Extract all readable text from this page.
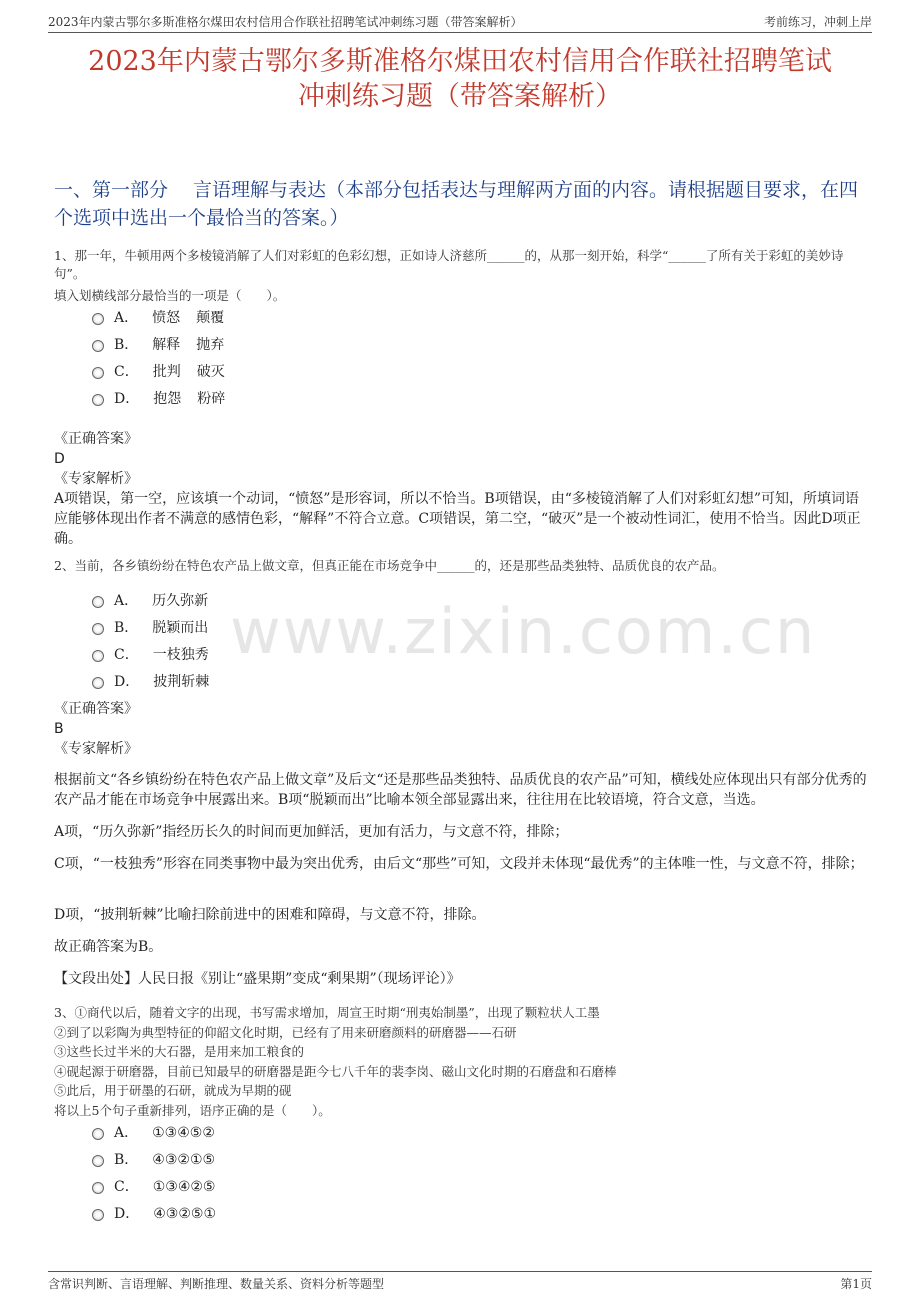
2023年内蒙古鄂尔多斯准格尔煤田农村信用合作联社招聘笔试冲刺练习题（带答案解析）	考前练习，冲刺上岸
2023年内蒙古鄂尔多斯准格尔煤田农村信用合作联社招聘笔试
冲刺练习题（带答案解析）
一、第一部分　 言语理解与表达（本部分包括表达与理解两方面的内容。请根据题目要求，在四个选项中选出一个最恰当的答案。）
www.zixin.com.cn
1、那一年，牛顿用两个多棱镜消解了人们对彩虹的色彩幻想，正如诗人济慈所______的，从那一刻开始，科学“______了所有关于彩虹的美妙诗句”。
填入划横线部分最恰当的一项是（　　）。
A． 愤怒 颠覆
B． 解释 抛弃
C． 批判 破灭
D． 抱怨 粉碎

《正确答案》

D

《专家解析》

A项错误，第一空，应该填一个动词，“愤怒”是形容词，所以不恰当。B项错误，由“多棱镜消解了人们对彩虹幻想”可知，所填词语应能够体现出作者不满意的感情色彩，“解释”不符合立意。C项错误，第二空，“破灭”是一个被动性词汇，使用不恰当。因此D项正确。

2、当前，各乡镇纷纷在特色农产品上做文章，但真正能在市场竞争中______的，还是那些品类独特、品质优良的农产品。
A． 历久弥新
B． 脱颖而出
C． 一枝独秀
D． 披荆斩棘

《正确答案》

B

《专家解析》

根据前文“各乡镇纷纷在特色农产品上做文章”及后文“还是那些品类独特、品质优良的农产品”可知，横线处应体现出只有部分优秀的农产品才能在市场竞争中展露出来。B项“脱颖而出”比喻本领全部显露出来，往往用在比较语境，符合文意，当选。
A项，“历久弥新”指经历长久的时间而更加鲜活，更加有活力，与文意不符，排除；
C项，“一枝独秀”形容在同类事物中最为突出优秀，由后文“那些”可知，文段并未体现“最优秀”的主体唯一性，与文意不符，排除；
D项，“披荆斩棘”比喻扫除前进中的困难和障碍，与文意不符，排除。
故正确答案为B。
【文段出处】人民日报《别让“盛果期”变成“剩果期”（现场评论）》

3、①商代以后，随着文字的出现，书写需求增加，周宣王时期“刑夷始制墨”，出现了颗粒状人工墨

②到了以彩陶为典型特征的仰韶文化时期，已经有了用来研磨颜料的研磨器——石研

③这些长过半米的大石器，是用来加工粮食的

④砚起源于研磨器，目前已知最早的研磨器是距今七八千年的裴李岗、磁山文化时期的石磨盘和石磨棒

⑤此后，用于研墨的石研，就成为早期的砚

将以上5个句子重新排列，语序正确的是（　　）。

A． ①③④⑤②
B． ④③②①⑤
C． ①③④②⑤
D． ④③②⑤①
含常识判断、言语理解、判断推理、数量关系、资料分析等题型	第1页
